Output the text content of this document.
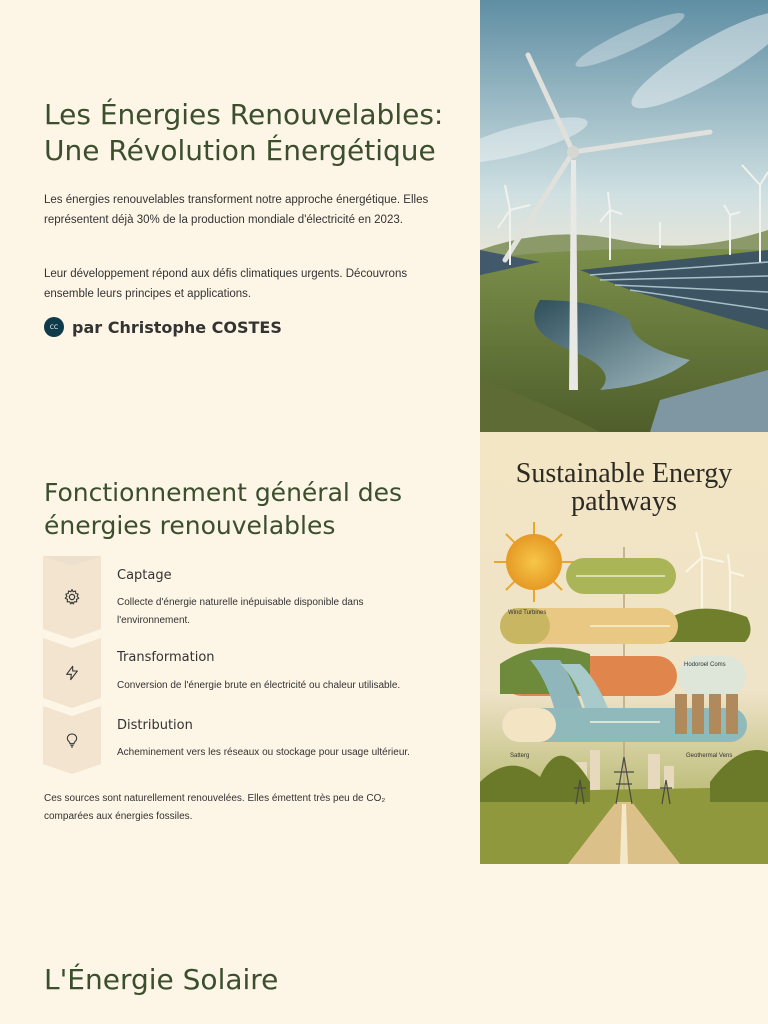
Les Énergies Renouvelables: Une Révolution Énergétique

Les énergies renouvelables transforment notre approche énergétique. Elles représentent déjà 30% de la production mondiale d'électricité en 2023.

Leur développement répond aux défis climatiques urgents. Découvrons ensemble leurs principes et applications.

CC par Christophe COSTES
Sustainable Energy
pathways
Wind Turbines
Hodoroel Coms
Satterg	Geothermal Vens
Fonctionnement général des énergies renouvelables

Captage

Collecte d'énergie naturelle inépuisable disponible dans l'environnement.

Transformation

Conversion de l'énergie brute en électricité ou chaleur utilisable.

Distribution

Acheminement vers les réseaux ou stockage pour usage ultérieur.

Ces sources sont naturellement renouvelées. Elles émettent très peu de CO₂ comparées aux énergies fossiles.

L'Énergie Solaire
